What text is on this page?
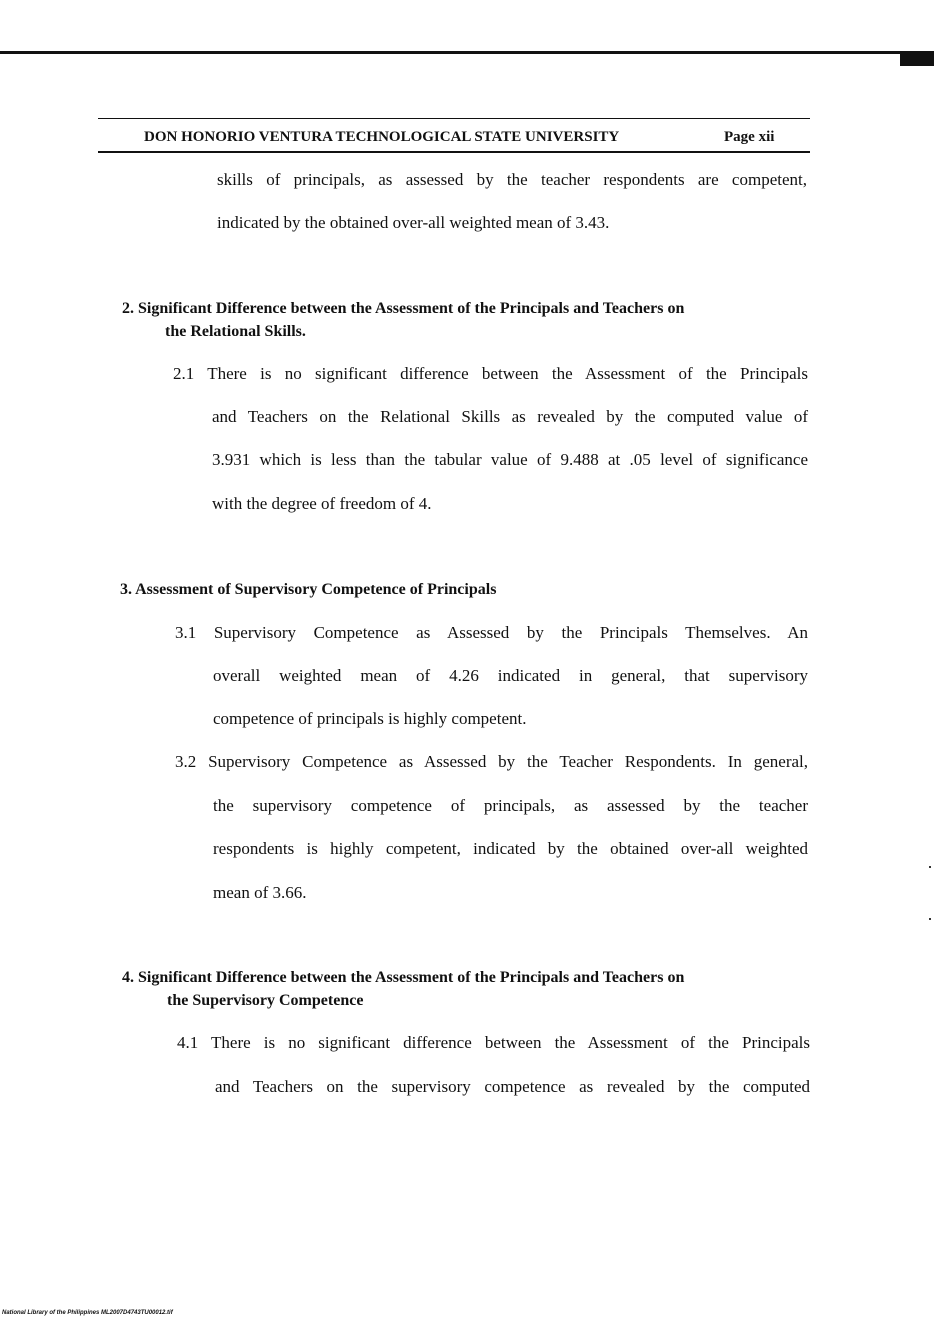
DON HONORIO VENTURA TECHNOLOGICAL STATE UNIVERSITY	Page xii
skills of principals, as assessed by the teacher respondents are competent,
indicated by the obtained over-all weighted mean of 3.43.
2. Significant Difference between the Assessment of the Principals and Teachers on
the Relational Skills.
2.1 There is no significant difference between the Assessment of the Principals
and Teachers on the Relational Skills as revealed by the computed value of
3.931 which is less than the tabular value of 9.488 at .05 level of significance
with the degree of freedom of 4.
3. Assessment of Supervisory Competence of Principals
3.1 Supervisory Competence as Assessed by the Principals Themselves. An
overall weighted mean of 4.26 indicated in general, that supervisory
competence of principals is highly competent.
3.2 Supervisory Competence as Assessed by the Teacher Respondents. In general,
the supervisory competence of principals, as assessed by the teacher
respondents is highly competent, indicated by the obtained over-all weighted
mean of 3.66.
4. Significant Difference between the Assessment of the Principals and Teachers on
the Supervisory Competence
4.1 There is no significant difference between the Assessment of the Principals
and Teachers on the supervisory competence as revealed by the computed
National Library of the Philippines ML2007D4743TU00012.tif
